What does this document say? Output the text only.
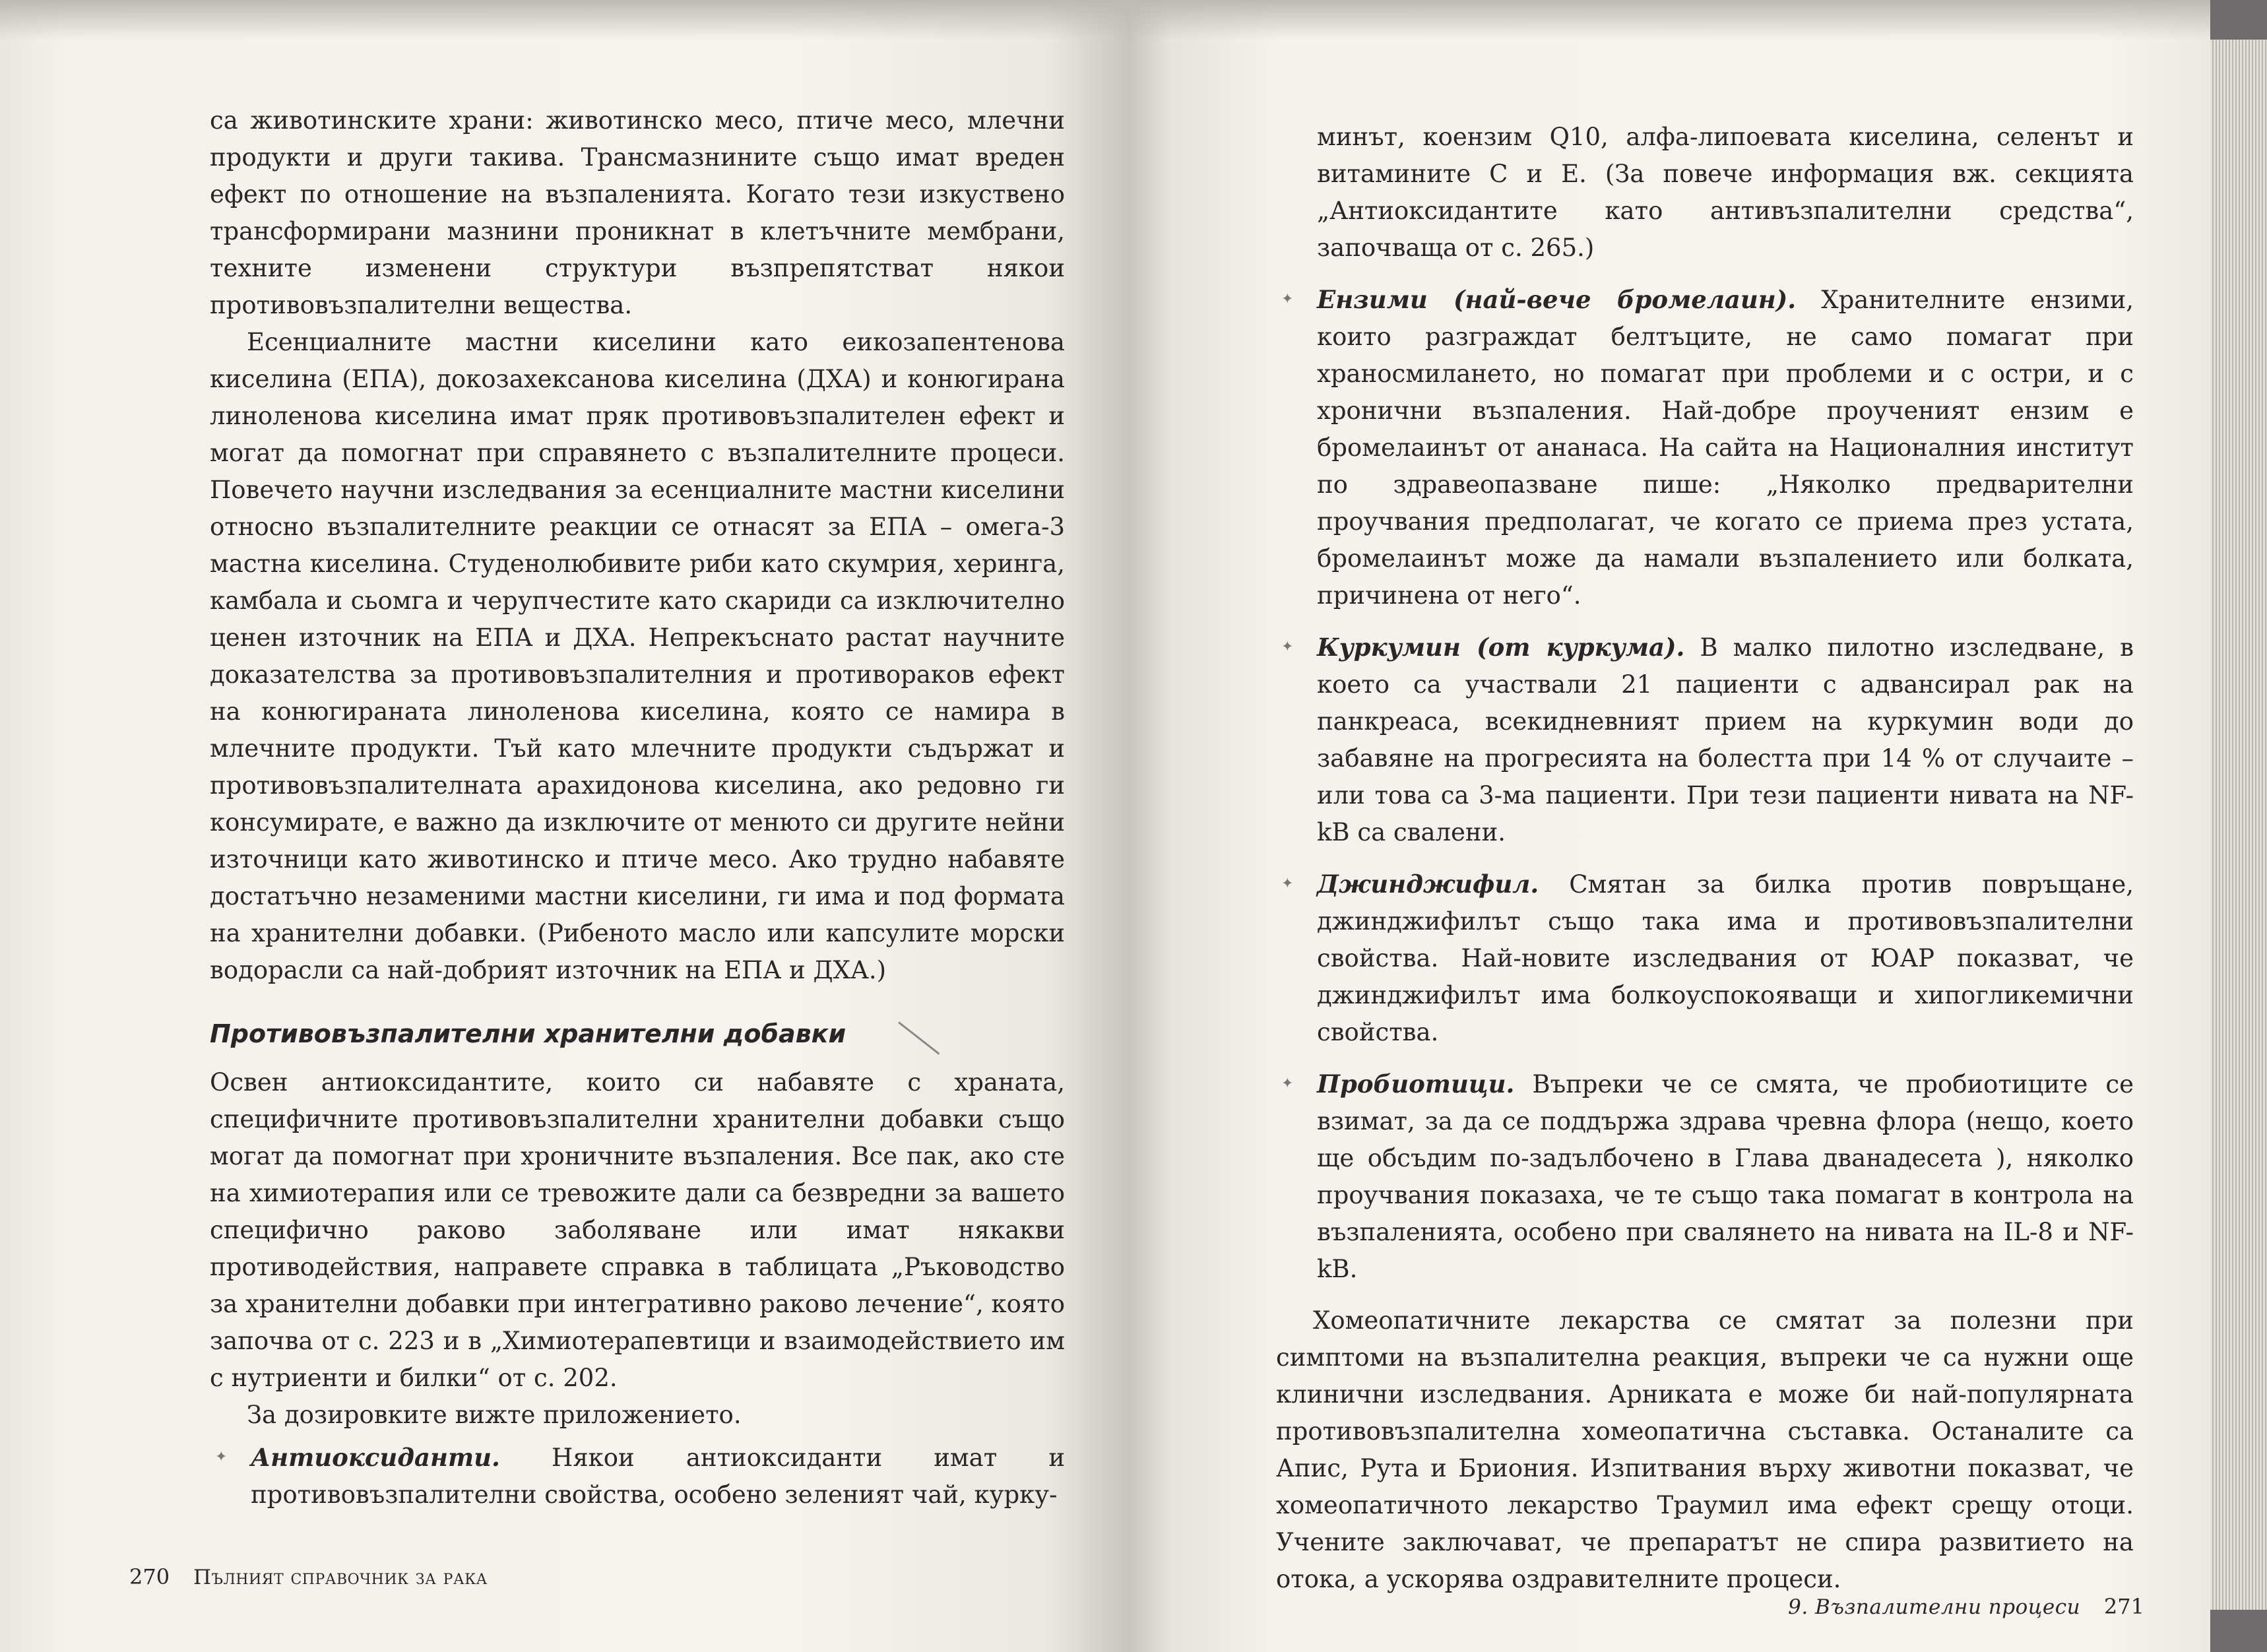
са животинските храни: животинско месо, птиче месо, млечни продукти и други такива. Трансмазнините също имат вреден ефект по отношение на възпаленията. Когато тези изкуствено трансформирани мазнини проникнат в клетъчните мембрани, техните изменени структури възпрепятстват някои противовъзпалителни вещества.

Есенциалните мастни киселини като еикозапентенова киселина (ЕПА), докозахексанова киселина (ДХА) и конюгирана линоленова киселина имат пряк противовъзпалителен ефект и могат да помогнат при справянето с възпалителните процеси. Повечето научни изследвания за есенциалните мастни киселини относно възпалителните реакции се отнасят за ЕПА – омега-3 мастна киселина. Студенолюбивите риби като скумрия, херинга, камбала и сьомга и черупчестите като скариди са изключително ценен източник на ЕПА и ДХА. Непрекъснато растат научните доказателства за противовъзпалителния и противораков ефект на конюгираната линоленова киселина, която се намира в млечните продукти. Тъй като млечните продукти съдържат и противовъзпалителната арахидонова киселина, ако редовно ги консумирате, е важно да изключите от менюто си другите нейни източници като животинско и птиче месо. Ако трудно набавяте достатъчно незаменими мастни киселини, ги има и под формата на хранителни добавки. (Рибеното масло или капсулите морски водорасли са най-добрият източник на ЕПА и ДХА.)

Противовъзпалителни хранителни добавки

Освен антиоксидантите, които си набавяте с храната, специфичните противовъзпалителни хранителни добавки също могат да помогнат при хроничните възпаления. Все пак, ако сте на химиотерапия или се тревожите дали са безвредни за вашето специфично раково заболяване или имат някакви противодействия, направете справка в таблицата „Ръководство за хранителни добавки при интегративно раково лечение“, която започва от с. 223 и в „Химиотерапевтици и взаимодействието им с нутриенти и билки“ от с. 202.

За дозировките вижте приложението.

✦ Антиоксиданти. Някои антиоксиданти имат и противовъзпалителни свойства, особено зеленият чай, курку-
270 Пълният справочник за рака

минът, коензим Q10, алфа-липоевата киселина, селенът и витамините C и E. (За повече информация вж. секцията „Антиоксидантите като антивъзпалителни средства“, започваща от с. 265.)

✦ Ензими (най-вече бромелаин). Хранителните ензими, които разграждат белтъците, не само помагат при храносмилането, но помагат при проблеми и с остри, и с хронични възпаления. Най-добре проученият ензим е бромелаинът от ананаса. На сайта на Националния институт по здравеопазване пише: „Няколко предварителни проучвания предполагат, че когато се приема през устата, бромелаинът може да намали възпалението или болката, причинена от него“.
✦ Куркумин (от куркума). В малко пилотно изследване, в което са участвали 21 пациенти с адвансирал рак на панкреаса, всекидневният прием на куркумин води до забавяне на прогресията на болестта при 14 % от случаите – или това са 3-ма пациенти. При тези пациенти нивата на NF-kB са свалени.
✦ Джинджифил. Смятан за билка против повръщане, джинджифилът също така има и противовъзпалителни свойства. Най-новите изследвания от ЮАР показват, че джинджифилът има болкоуспокояващи и хипогликемични свойства.
✦ Пробиотици. Въпреки че се смята, че пробиотиците се взимат, за да се поддържа здрава чревна флора (нещо, което ще обсъдим по-задълбочено в Глава дванадесета ), няколко проучвания показаха, че те също така помагат в контрола на възпаленията, особено при свалянето на нивата на IL-8 и NF-kB.

Хомеопатичните лекарства се смятат за полезни при симптоми на възпалителна реакция, въпреки че са нужни още клинични изследвания. Арниката е може би най-популярната противовъзпалителна хомеопатична съставка. Останалите са Апис, Рута и Бриония. Изпитвания върху животни показват, че хомеопатичното лекарство Траумил има ефект срещу отоци. Учените заключават, че препаратът не спира развитието на отока, а ускорява оздравителните процеси.

9. Възпалителни процеси 271
